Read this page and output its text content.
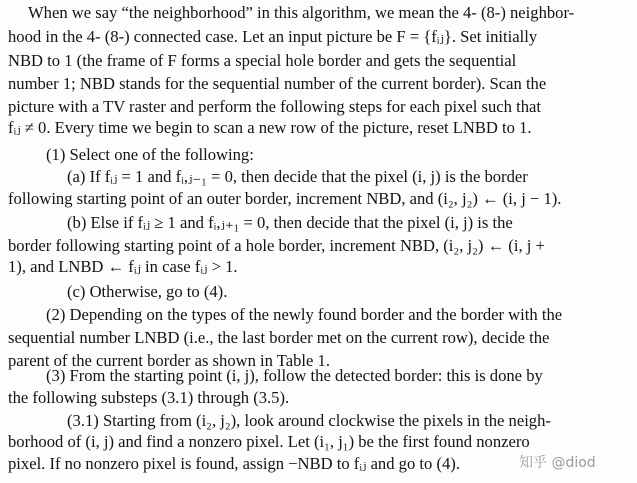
When we say “the neighborhood” in this algorithm, we mean the 4- (8-) neighbor-
hood in the 4- (8-) connected case. Let an input picture be F = {fᵢⱼ}. Set initially
NBD to 1 (the frame of F forms a special hole border and gets the sequential
number 1; NBD stands for the sequential number of the current border). Scan the
picture with a TV raster and perform the following steps for each pixel such that
fᵢⱼ ≠ 0. Every time we begin to scan a new row of the picture, reset LNBD to 1.
(1) Select one of the following:
(a) If fᵢⱼ = 1 and fᵢ,ⱼ₋₁ = 0, then decide that the pixel (i, j) is the border
following starting point of an outer border, increment NBD, and (i₂, j₂) ← (i, j − 1).
(b) Else if fᵢⱼ ≥ 1 and fᵢ,ⱼ₊₁ = 0, then decide that the pixel (i, j) is the
border following starting point of a hole border, increment NBD, (i₂, j₂) ← (i, j +
1), and LNBD ← fᵢⱼ in case fᵢⱼ > 1.
(c) Otherwise, go to (4).
(2) Depending on the types of the newly found border and the border with the
sequential number LNBD (i.e., the last border met on the current row), decide the
parent of the current border as shown in Table 1.
(3) From the starting point (i, j), follow the detected border: this is done by
the following substeps (3.1) through (3.5).
(3.1) Starting from (i₂, j₂), look around clockwise the pixels in the neigh-
borhood of (i, j) and find a nonzero pixel. Let (i₁, j₁) be the first found nonzero
pixel. If no nonzero pixel is found, assign −NBD to fᵢⱼ and go to (4).	知乎 @diod
